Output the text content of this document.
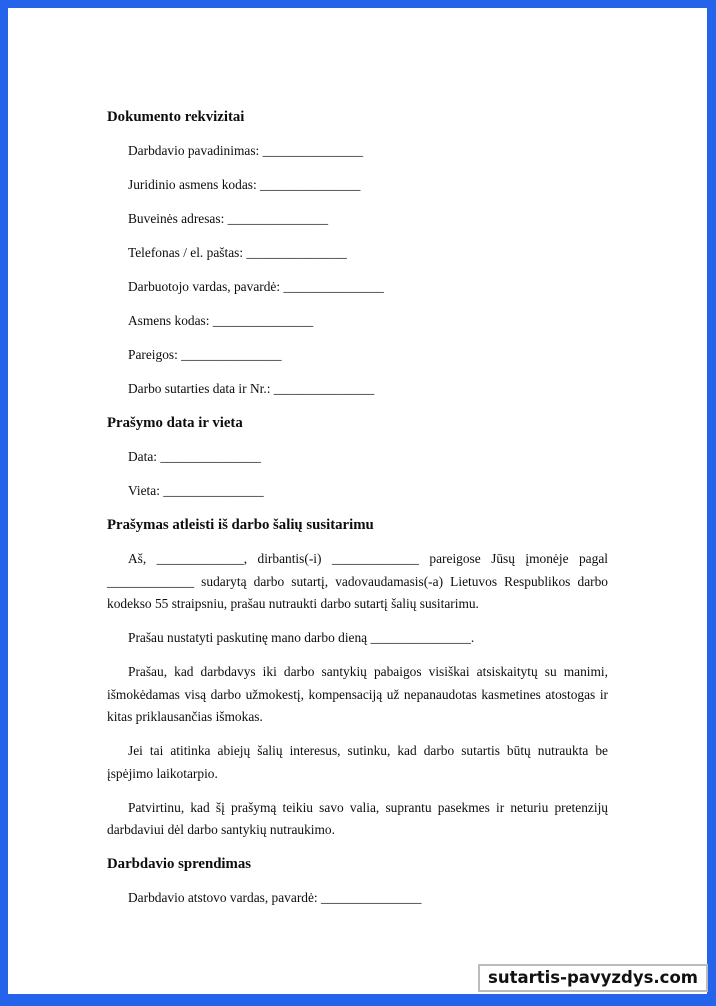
Dokumento rekvizitai

Darbdavio pavadinimas: _______________

Juridinio asmens kodas: _______________

Buveinės adresas: _______________

Telefonas / el. paštas: _______________

Darbuotojo vardas, pavardė: _______________

Asmens kodas: _______________

Pareigos: _______________

Darbo sutarties data ir Nr.: _______________

Prašymo data ir vieta

Data: _______________

Vieta: _______________

Prašymas atleisti iš darbo šalių susitarimu

Aš, _____________, dirbantis(-i) _____________ pareigose Jūsų įmonėje pagal _____________ sudarytą darbo sutartį, vadovaudamasis(-a) Lietuvos Respublikos darbo kodekso 55 straipsniu, prašau nutraukti darbo sutartį šalių susitarimu.

Prašau nustatyti paskutinę mano darbo dieną _______________.

Prašau, kad darbdavys iki darbo santykių pabaigos visiškai atsiskaitytų su manimi, išmokėdamas visą darbo užmokestį, kompensaciją už nepanaudotas kasmetines atostogas ir kitas priklausančias išmokas.

Jei tai atitinka abiejų šalių interesus, sutinku, kad darbo sutartis būtų nutraukta be įspėjimo laikotarpio.

Patvirtinu, kad šį prašymą teikiu savo valia, suprantu pasekmes ir neturiu pretenzijų darbdaviui dėl darbo santykių nutraukimo.

Darbdavio sprendimas

Darbdavio atstovo vardas, pavardė: _______________

sutartis-pavyzdys.com
